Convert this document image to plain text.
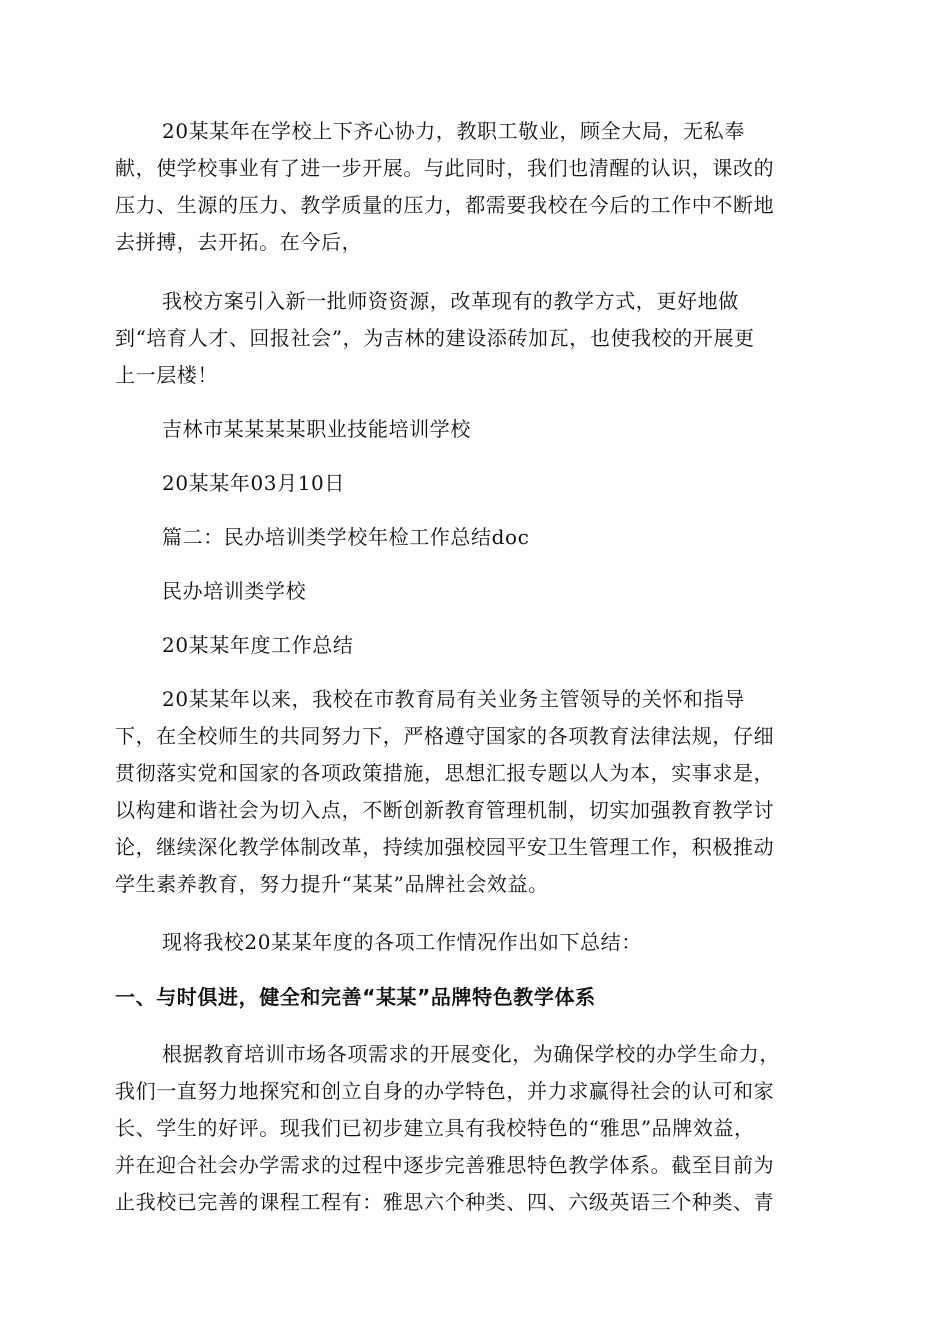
20某某年在学校上下齐心协力，教职工敬业，顾全大局，无私奉
献，使学校事业有了进一步开展。与此同时，我们也清醒的认识，课改的
压力、生源的压力、教学质量的压力，都需要我校在今后的工作中不断地
去拼搏，去开拓。在今后，
我校方案引入新一批师资资源，改革现有的教学方式，更好地做
到“培育人才、回报社会”，为吉林的建设添砖加瓦，也使我校的开展更
上一层楼！
吉林市某某某某职业技能培训学校
20某某年03月10日
篇二：民办培训类学校年检工作总结doc
民办培训类学校
20某某年度工作总结
20某某年以来，我校在市教育局有关业务主管领导的关怀和指导
下，在全校师生的共同努力下，严格遵守国家的各项教育法律法规，仔细
贯彻落实党和国家的各项政策措施，思想汇报专题以人为本，实事求是，
以构建和谐社会为切入点，不断创新教育管理机制，切实加强教育教学讨
论，继续深化教学体制改革，持续加强校园平安卫生管理工作，积极推动
学生素养教育，努力提升“某某”品牌社会效益。
现将我校20某某年度的各项工作情况作出如下总结：
一、与时俱进，健全和完善“某某”品牌特色教学体系
根据教育培训市场各项需求的开展变化，为确保学校的办学生命力，
我们一直努力地探究和创立自身的办学特色，并力求赢得社会的认可和家
长、学生的好评。现我们已初步建立具有我校特色的“雅思”品牌效益，
并在迎合社会办学需求的过程中逐步完善雅思特色教学体系。截至目前为
止我校已完善的课程工程有：雅思六个种类、四、六级英语三个种类、青
